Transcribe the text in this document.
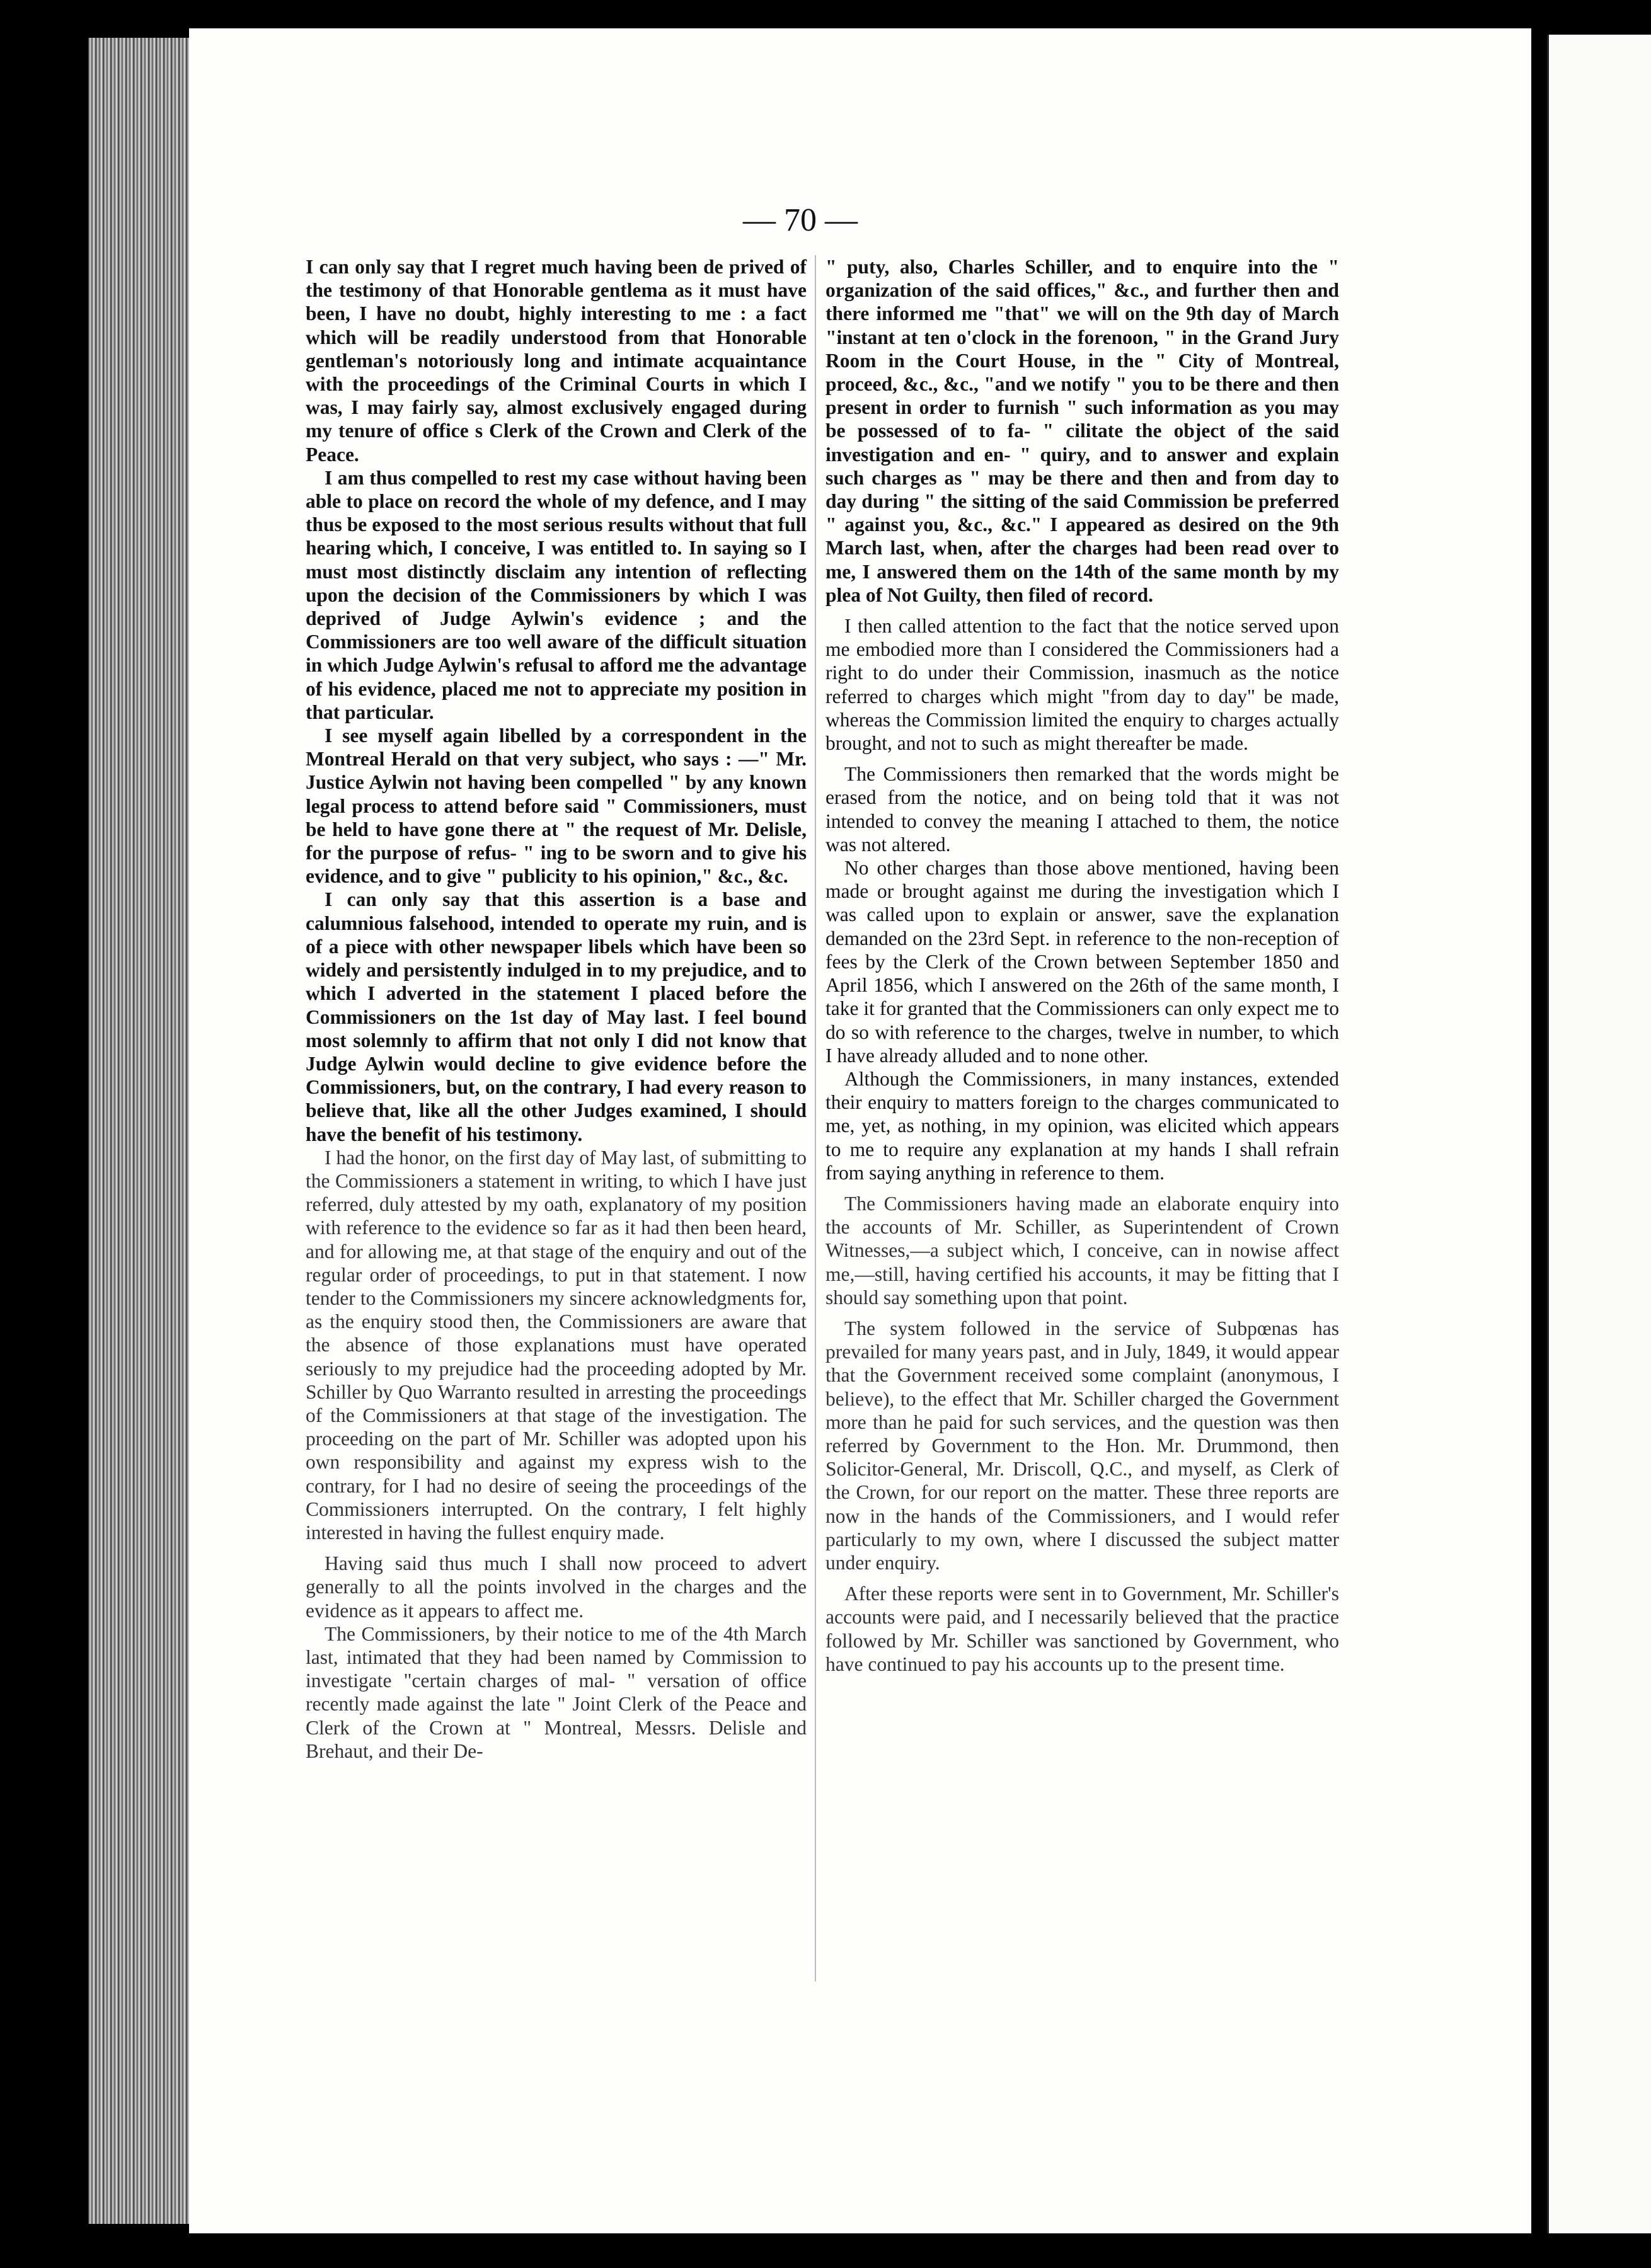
— 70 —

I can only say that I regret much having been de prived of the testimony of that Honorable gentlema as it must have been, I have no doubt, highly interesting to me : a fact which will be readily understood from that Honorable gentleman's notoriously long and intimate acquaintance with the proceedings of the Criminal Courts in which I was, I may fairly say, almost exclusively engaged during my tenure of office s Clerk of the Crown and Clerk of the Peace.

I am thus compelled to rest my case without having been able to place on record the whole of my defence, and I may thus be exposed to the most serious results without that full hearing which, I conceive, I was entitled to. In saying so I must most distinctly disclaim any intention of reflecting upon the decision of the Commissioners by which I was deprived of Judge Aylwin's evidence ; and the Commissioners are too well aware of the difficult situation in which Judge Aylwin's refusal to afford me the advantage of his evidence, placed me not to appreciate my position in that particular.

I see myself again libelled by a correspondent in the Montreal Herald on that very subject, who says : —" Mr. Justice Aylwin not having been compelled " by any known legal process to attend before said " Commissioners, must be held to have gone there at " the request of Mr. Delisle, for the purpose of refus- " ing to be sworn and to give his evidence, and to give " publicity to his opinion," &c., &c.

I can only say that this assertion is a base and calumnious falsehood, intended to operate my ruin, and is of a piece with other newspaper libels which have been so widely and persistently indulged in to my prejudice, and to which I adverted in the statement I placed before the Commissioners on the 1st day of May last. I feel bound most solemnly to affirm that not only I did not know that Judge Aylwin would decline to give evidence before the Commissioners, but, on the contrary, I had every reason to believe that, like all the other Judges examined, I should have the benefit of his testimony.

I had the honor, on the first day of May last, of submitting to the Commissioners a statement in writing, to which I have just referred, duly attested by my oath, explanatory of my position with reference to the evidence so far as it had then been heard, and for allowing me, at that stage of the enquiry and out of the regular order of proceedings, to put in that statement. I now tender to the Commissioners my sincere acknowledgments for, as the enquiry stood then, the Commissioners are aware that the absence of those explanations must have operated seriously to my prejudice had the proceeding adopted by Mr. Schiller by Quo Warranto resulted in arresting the proceedings of the Commissioners at that stage of the investigation. The proceeding on the part of Mr. Schiller was adopted upon his own responsibility and against my express wish to the contrary, for I had no desire of seeing the proceedings of the Commissioners interrupted. On the contrary, I felt highly interested in having the fullest enquiry made.

Having said thus much I shall now proceed to advert generally to all the points involved in the charges and the evidence as it appears to affect me.

The Commissioners, by their notice to me of the 4th March last, intimated that they had been named by Commission to investigate "certain charges of mal- " versation of office recently made against the late " Joint Clerk of the Peace and Clerk of the Crown at " Montreal, Messrs. Delisle and Brehaut, and their De-

" puty, also, Charles Schiller, and to enquire into the " organization of the said offices," &c., and further then and there informed me "that" we will on the 9th day of March "instant at ten o'clock in the forenoon, " in the Grand Jury Room in the Court House, in the " City of Montreal, proceed, &c., &c., "and we notify " you to be there and then present in order to furnish " such information as you may be possessed of to fa- " cilitate the object of the said investigation and en- " quiry, and to answer and explain such charges as " may be there and then and from day to day during " the sitting of the said Commission be preferred " against you, &c., &c." I appeared as desired on the 9th March last, when, after the charges had been read over to me, I answered them on the 14th of the same month by my plea of Not Guilty, then filed of record.

I then called attention to the fact that the notice served upon me embodied more than I considered the Commissioners had a right to do under their Commission, inasmuch as the notice referred to charges which might "from day to day" be made, whereas the Commission limited the enquiry to charges actually brought, and not to such as might thereafter be made.

The Commissioners then remarked that the words might be erased from the notice, and on being told that it was not intended to convey the meaning I attached to them, the notice was not altered.

No other charges than those above mentioned, having been made or brought against me during the investigation which I was called upon to explain or answer, save the explanation demanded on the 23rd Sept. in reference to the non-reception of fees by the Clerk of the Crown between September 1850 and April 1856, which I answered on the 26th of the same month, I take it for granted that the Commissioners can only expect me to do so with reference to the charges, twelve in number, to which I have already alluded and to none other.

Although the Commissioners, in many instances, extended their enquiry to matters foreign to the charges communicated to me, yet, as nothing, in my opinion, was elicited which appears to me to require any explanation at my hands I shall refrain from saying anything in reference to them.

The Commissioners having made an elaborate enquiry into the accounts of Mr. Schiller, as Superintendent of Crown Witnesses,—a subject which, I conceive, can in nowise affect me,—still, having certified his accounts, it may be fitting that I should say something upon that point.

The system followed in the service of Subpœnas has prevailed for many years past, and in July, 1849, it would appear that the Government received some complaint (anonymous, I believe), to the effect that Mr. Schiller charged the Government more than he paid for such services, and the question was then referred by Government to the Hon. Mr. Drummond, then Solicitor-General, Mr. Driscoll, Q.C., and myself, as Clerk of the Crown, for our report on the matter. These three reports are now in the hands of the Commissioners, and I would refer particularly to my own, where I discussed the subject matter under enquiry.

After these reports were sent in to Government, Mr. Schiller's accounts were paid, and I necessarily believed that the practice followed by Mr. Schiller was sanctioned by Government, who have continued to pay his accounts up to the present time.
